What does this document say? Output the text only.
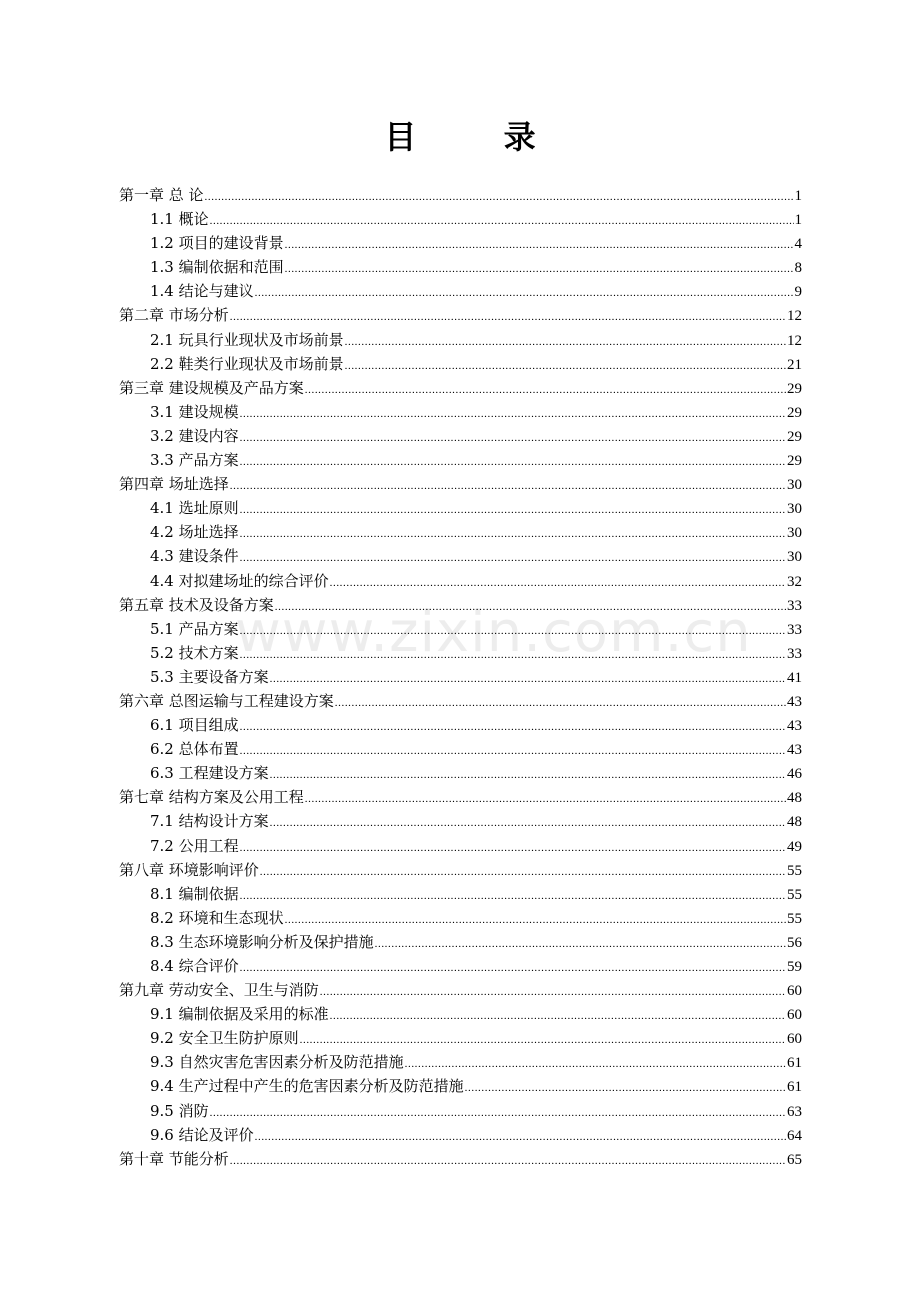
目 录
第一章 总 论 .....	1
1.1 概论 .....	1
1.2 项目的建设背景 .....	4
1.3 编制依据和范围 .....	8
1.4 结论与建议 .....	9
第二章 市场分析 .....	12
2.1 玩具行业现状及市场前景 .....	12
2.2 鞋类行业现状及市场前景 .....	21
第三章 建设规模及产品方案 .....	29
3.1 建设规模 .....	29
3.2 建设内容 .....	29
3.3 产品方案 .....	29
第四章 场址选择 .....	30
4.1 选址原则 .....	30
4.2 场址选择 .....	30
4.3 建设条件 .....	30
4.4 对拟建场址的综合评价 .....	32
第五章 技术及设备方案 .....	33
5.1 产品方案 .....	33
5.2 技术方案 .....	33
5.3 主要设备方案 .....	41
第六章 总图运输与工程建设方案 .....	43
6.1 项目组成 .....	43
6.2 总体布置 .....	43
6.3 工程建设方案 .....	46
第七章 结构方案及公用工程 .....	48
7.1 结构设计方案 .....	48
7.2 公用工程 .....	49
第八章 环境影响评价 .....	55
8.1 编制依据 .....	55
8.2 环境和生态现状 .....	55
8.3 生态环境影响分析及保护措施 .....	56
8.4 综合评价 .....	59
第九章 劳动安全、卫生与消防 .....	60
9.1 编制依据及采用的标准 .....	60
9.2 安全卫生防护原则 .....	60
9.3 自然灾害危害因素分析及防范措施 .....	61
9.4 生产过程中产生的危害因素分析及防范措施 .....	61
9.5 消防 .....	63
9.6 结论及评价 .....	64
第十章 节能分析 .....	65
www.zixin.com.cn
